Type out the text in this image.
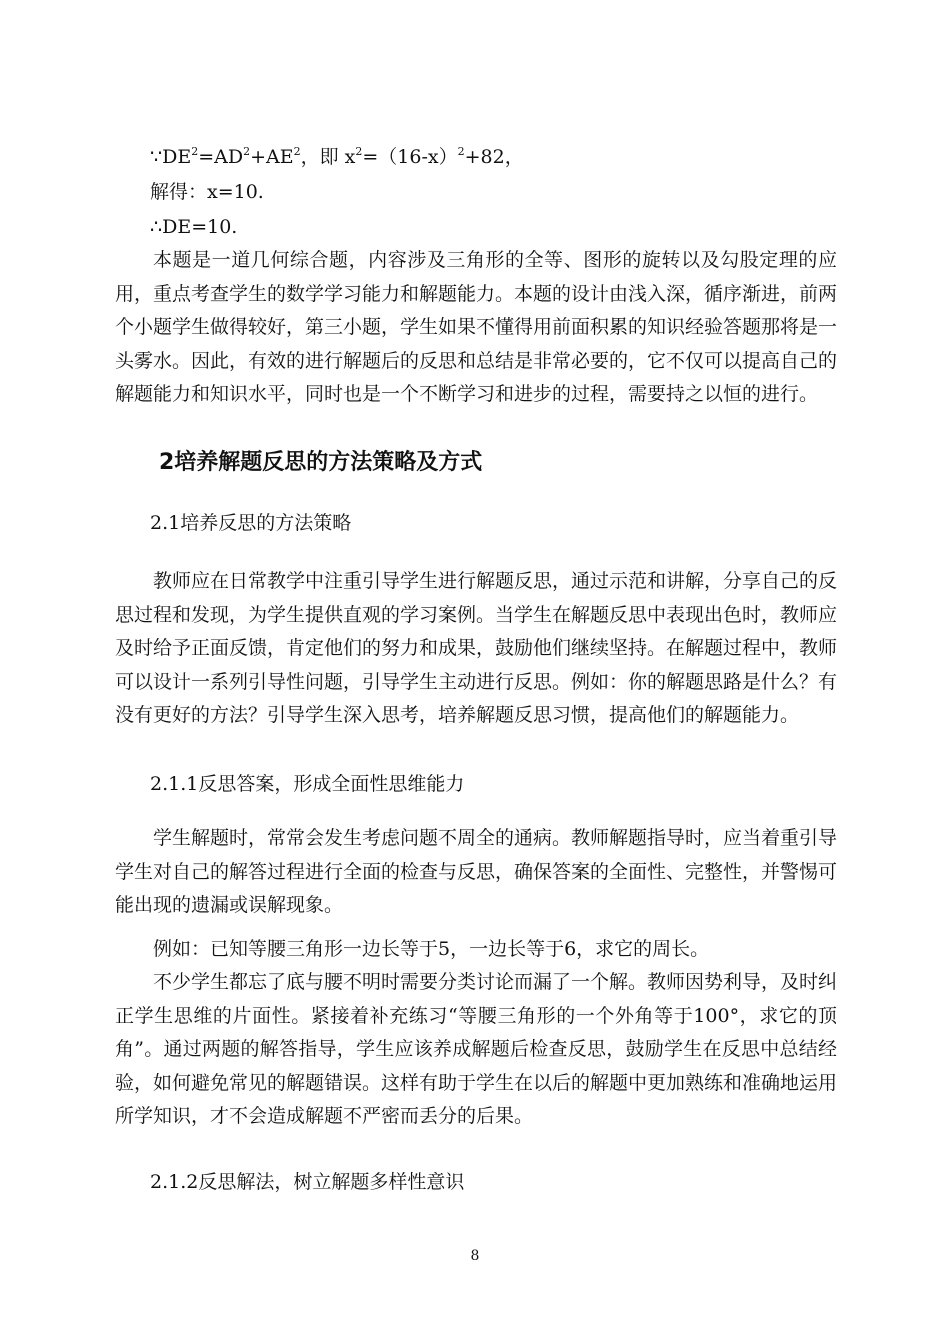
$\because DE^2=AD^2+AE^2$，即 $x^2=(16-x)^2+82$，
解得：x=10.
∴DE=10.

本题是一道几何综合题，内容涉及三角形的全等、图形的旋转以及勾股定理的应用，重点考查学生的数学学习能力和解题能力。本题的设计由浅入深，循序渐进，前两个小题学生做得较好，第三小题，学生如果不懂得用前面积累的知识经验答题那将是一头雾水。因此，有效的进行解题后的反思和总结是非常必要的，它不仅可以提高自己的解题能力和知识水平，同时也是一个不断学习和进步的过程，需要持之以恒的进行。

2培养解题反思的方法策略及方式
2.1培养反思的方法策略

教师应在日常教学中注重引导学生进行解题反思，通过示范和讲解，分享自己的反思过程和发现，为学生提供直观的学习案例。当学生在解题反思中表现出色时，教师应及时给予正面反馈，肯定他们的努力和成果，鼓励他们继续坚持。在解题过程中，教师可以设计一系列引导性问题，引导学生主动进行反思。例如：你的解题思路是什么？有没有更好的方法？引导学生深入思考，培养解题反思习惯，提高他们的解题能力。

2.1.1反思答案，形成全面性思维能力

学生解题时，常常会发生考虑问题不周全的通病。教师解题指导时，应当着重引导学生对自己的解答过程进行全面的检查与反思，确保答案的全面性、完整性，并警惕可能出现的遗漏或误解现象。

例如：已知等腰三角形一边长等于5，一边长等于6，求它的周长。

不少学生都忘了底与腰不明时需要分类讨论而漏了一个解。教师因势利导，及时纠正学生思维的片面性。紧接着补充练习“等腰三角形的一个外角等于100°，求它的顶角”。通过两题的解答指导，学生应该养成解题后检查反思，鼓励学生在反思中总结经验，如何避免常见的解题错误。这样有助于学生在以后的解题中更加熟练和准确地运用所学知识，才不会造成解题不严密而丢分的后果。

2.1.2反思解法，树立解题多样性意识
8
